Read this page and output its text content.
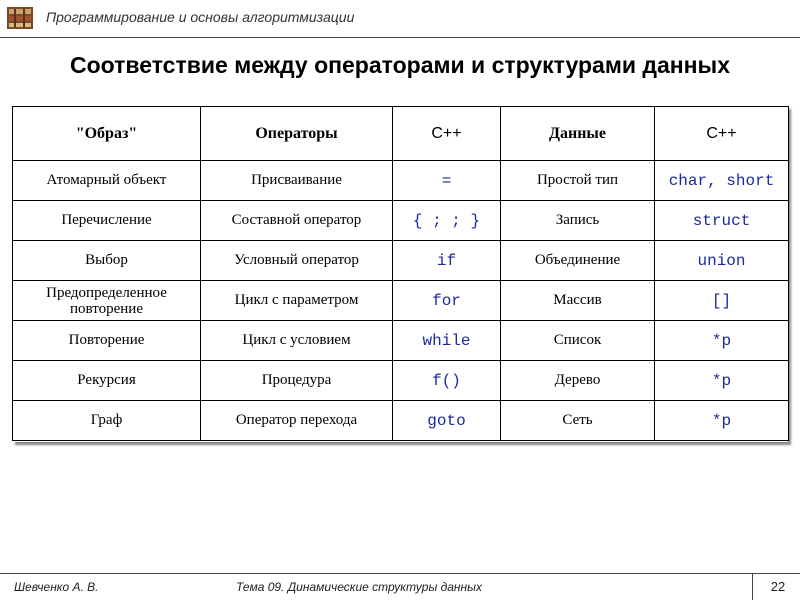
Программирование и основы алгоритмизации
Соответствие между операторами и структурами данных
"Образ"	Операторы	С++	Данные	С++
Атомарный объект	Присваивание	=	Простой тип	char, short
Перечисление	Составной оператор	{ ; ; }	Запись	struct
Выбор	Условный оператор	if	Объединение	union
Предопределенное повторение	Цикл с параметром	for	Массив	[]
Повторение	Цикл с условием	while	Список	*p
Рекурсия	Процедура	f()	Дерево	*p
Граф	Оператор перехода	goto	Сеть	*p
Шевченко А. В.	Тема 09. Динамические структуры данных	22
